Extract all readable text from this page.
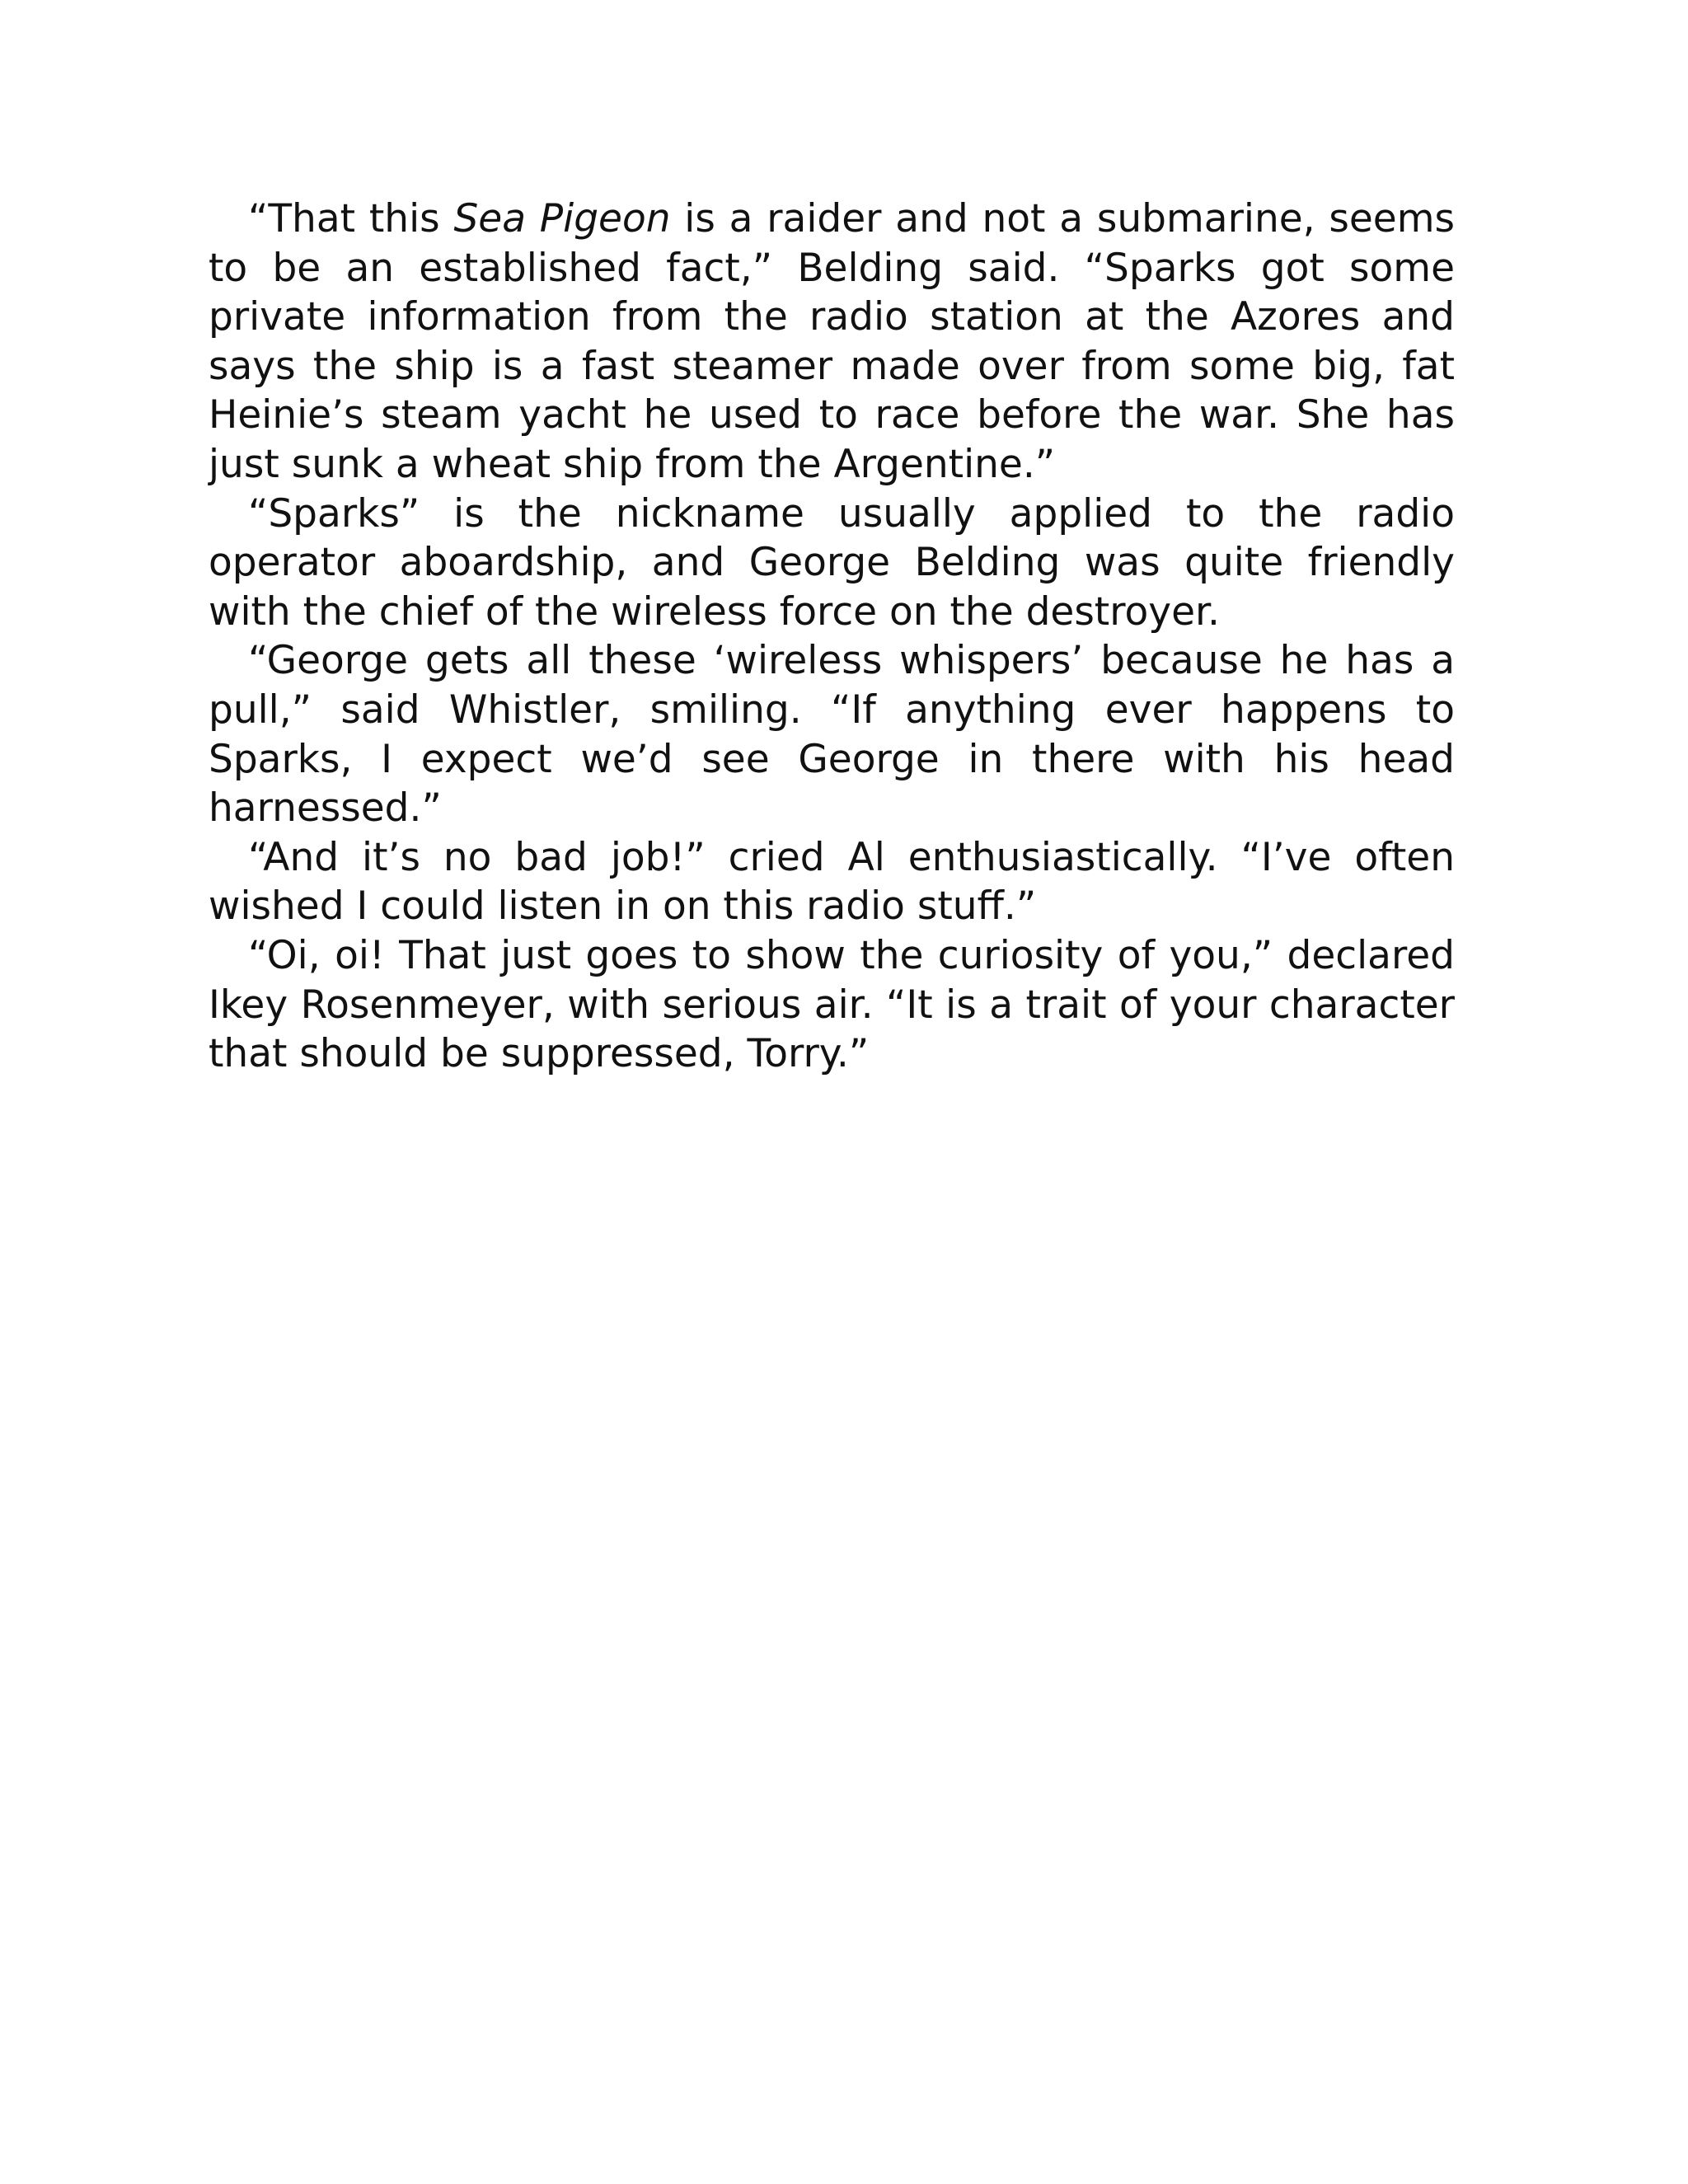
“That this Sea Pigeon is a raider and not a submarine, seems to be an established fact,” Belding said. “Sparks got some private information from the radio station at the Azores and says the ship is a fast steamer made over from some big, fat Heinie’s steam yacht he used to race before the war. She has just sunk a wheat ship from the Argentine.”

“Sparks” is the nickname usually applied to the radio operator aboardship, and George Belding was quite friendly with the chief of the wireless force on the destroyer.

“George gets all these ‘wireless whispers’ because he has a pull,” said Whistler, smiling. “If anything ever happens to Sparks, I expect we’d see George in there with his head harnessed.”

“And it’s no bad job!” cried Al enthusiastically. “I’ve often wished I could listen in on this radio stuff.”

“Oi, oi! That just goes to show the curiosity of you,” declared Ikey Rosenmeyer, with serious air. “It is a trait of your character that should be suppressed, Torry.”
